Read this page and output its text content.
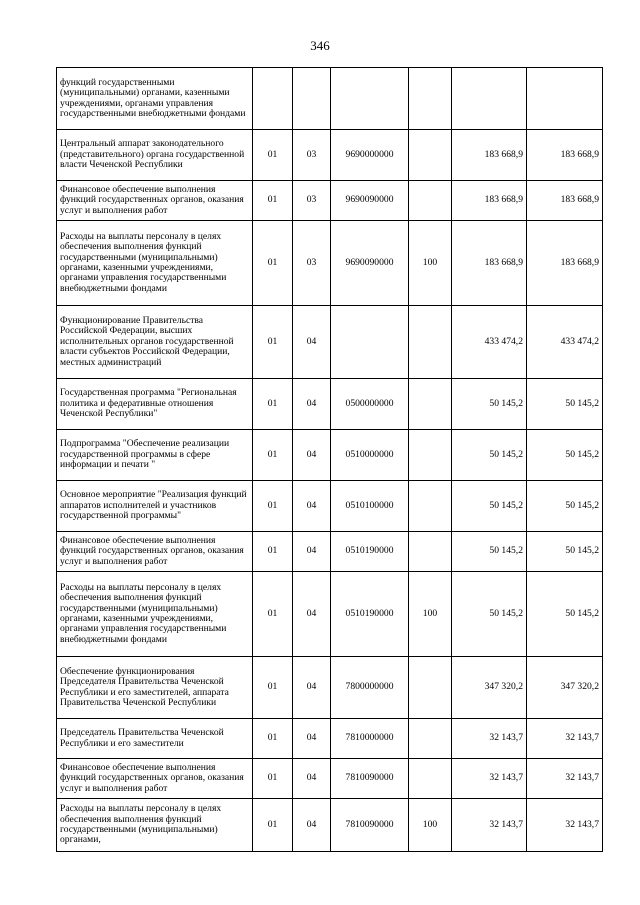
346
функций государственными (муниципальными) органами, казенными учреждениями, органами управления государственными внебюджетными фондами						
Центральный аппарат законодательного (представительного) органа государственной власти Чеченской Республики	01	03	9690000000		183 668,9	183 668,9
Финансовое обеспечение выполнения функций государственных органов, оказания услуг и выполнения работ	01	03	9690090000		183 668,9	183 668,9
Расходы на выплаты персоналу в целях обеспечения выполнения функций государственными (муниципальными) органами, казенными учреждениями, органами управления государственными внебюджетными фондами	01	03	9690090000	100	183 668,9	183 668,9
Функционирование Правительства Российской Федерации, высших исполнительных органов государственной власти субъектов Российской Федерации, местных администраций	01	04			433 474,2	433 474,2
Государственная программа "Региональная политика и федеративные отношения Чеченской Республики"	01	04	0500000000		50 145,2	50 145,2
Подпрограмма "Обеспечение реализации государственной программы в сфере информации и печати "	01	04	0510000000		50 145,2	50 145,2
Основное мероприятие "Реализация функций аппаратов исполнителей и участников государственной программы"	01	04	0510100000		50 145,2	50 145,2
Финансовое обеспечение выполнения функций государственных органов, оказания услуг и выполнения работ	01	04	0510190000		50 145,2	50 145,2
Расходы на выплаты персоналу в целях обеспечения выполнения функций государственными (муниципальными) органами, казенными учреждениями, органами управления государственными внебюджетными фондами	01	04	0510190000	100	50 145,2	50 145,2
Обеспечение функционирования Председателя Правительства Чеченской Республики и его заместителей, аппарата Правительства Чеченской Республики	01	04	7800000000		347 320,2	347 320,2
Председатель Правительства Чеченской Республики и его заместители	01	04	7810000000		32 143,7	32 143,7
Финансовое обеспечение выполнения функций государственных органов, оказания услуг и выполнения работ	01	04	7810090000		32 143,7	32 143,7
Расходы на выплаты персоналу в целях обеспечения выполнения функций государственными (муниципальными) органами,	01	04	7810090000	100	32 143,7	32 143,7
